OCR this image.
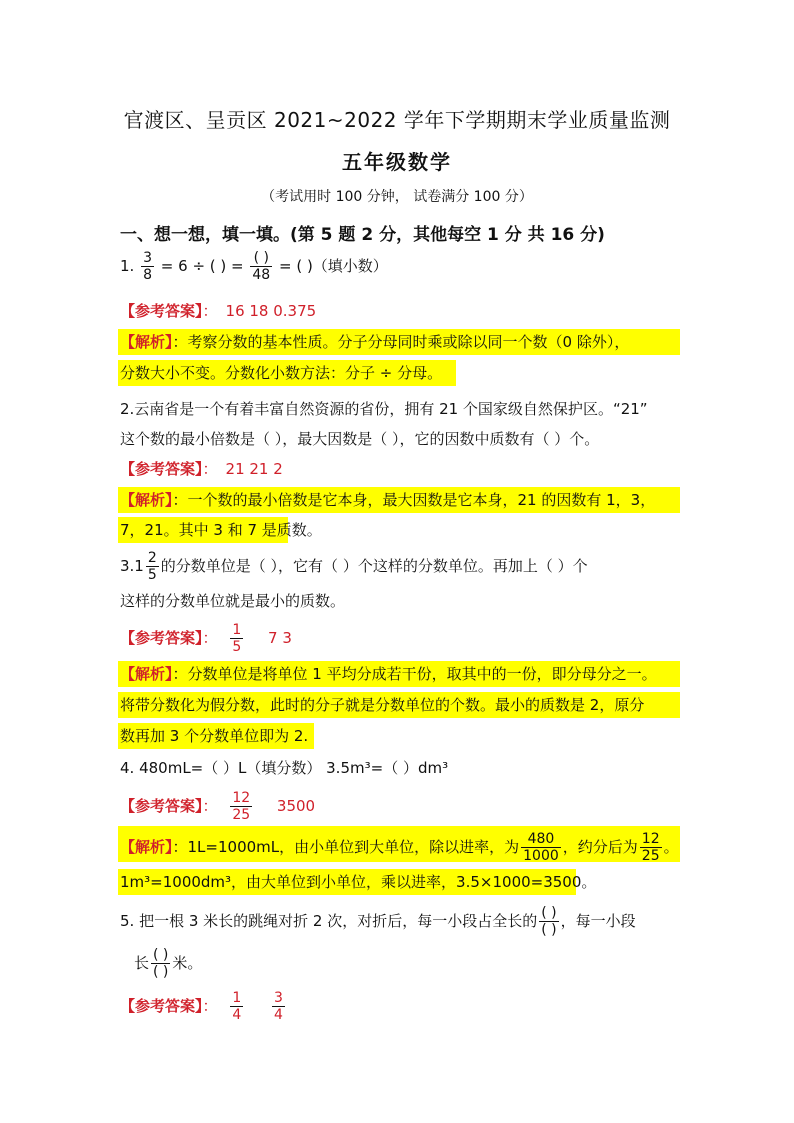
官渡区、呈贡区 2021~2022 学年下学期期末学业质量监测
五年级数学
（考试用时 100 分钟， 试卷满分 100 分）
一、想一想，填一填。(第 5 题 2 分，其他每空 1 分 共 16 分)
1. $\frac{3}{8} = 6$ ÷ ( ) = $\frac{( )}{48}$ = ( )（填小数）
【参考答案】： 16 18 0.375
【解析】：考察分数的基本性质。分子分母同时乘或除以同一个数（0 除外），
分数大小不变。分数化小数方法：分子 ÷ 分母。
2.云南省是一个有着丰富自然资源的省份，拥有 21 个国家级自然保护区。“21”
这个数的最小倍数是（ ），最大因数是（ ），它的因数中质数有（ ）个。
【参考答案】： 21 21 2
【解析】：一个数的最小倍数是它本身，最大因数是它本身，21 的因数有 1，3，
7，21。其中 3 和 7 是质数。
$3.1 \frac{2}{5}$ 的分数单位是（ ），它有（ ）个这样的分数单位。再加上（ ）个
这样的分数单位就是最小的质数。
【参考答案】： $\frac{1}{5} 7$ 3
【解析】：分数单位是将单位 1 平均分成若干份，取其中的一份，即分母分之一。
将带分数化为假分数，此时的分子就是分数单位的个数。最小的质数是 2，原分
数再加 3 个分数单位即为 2.
4. 480mL=（ ）L（填分数） 3.5m³=（ ）dm³
【参考答案】： $\frac{12}{25} 3500$
【解析】：1L=1000mL，由小单位到大单位，除以进率，为 $\frac{480}{1000}$ ，约分后为 $\frac{12}{25}$ 。
1m³=1000dm³，由大单位到小单位，乘以进率，3.5×1000=3500。
5. 把一根 3 米长的跳绳对折 2 次，对折后，每一小段占全长的 $\frac{( )}{( )}$ ，每一小段
长 $\frac{( )}{( )}$ 米。
【参考答案】： $\frac{1}{4}$
$\frac{3}{4}$
